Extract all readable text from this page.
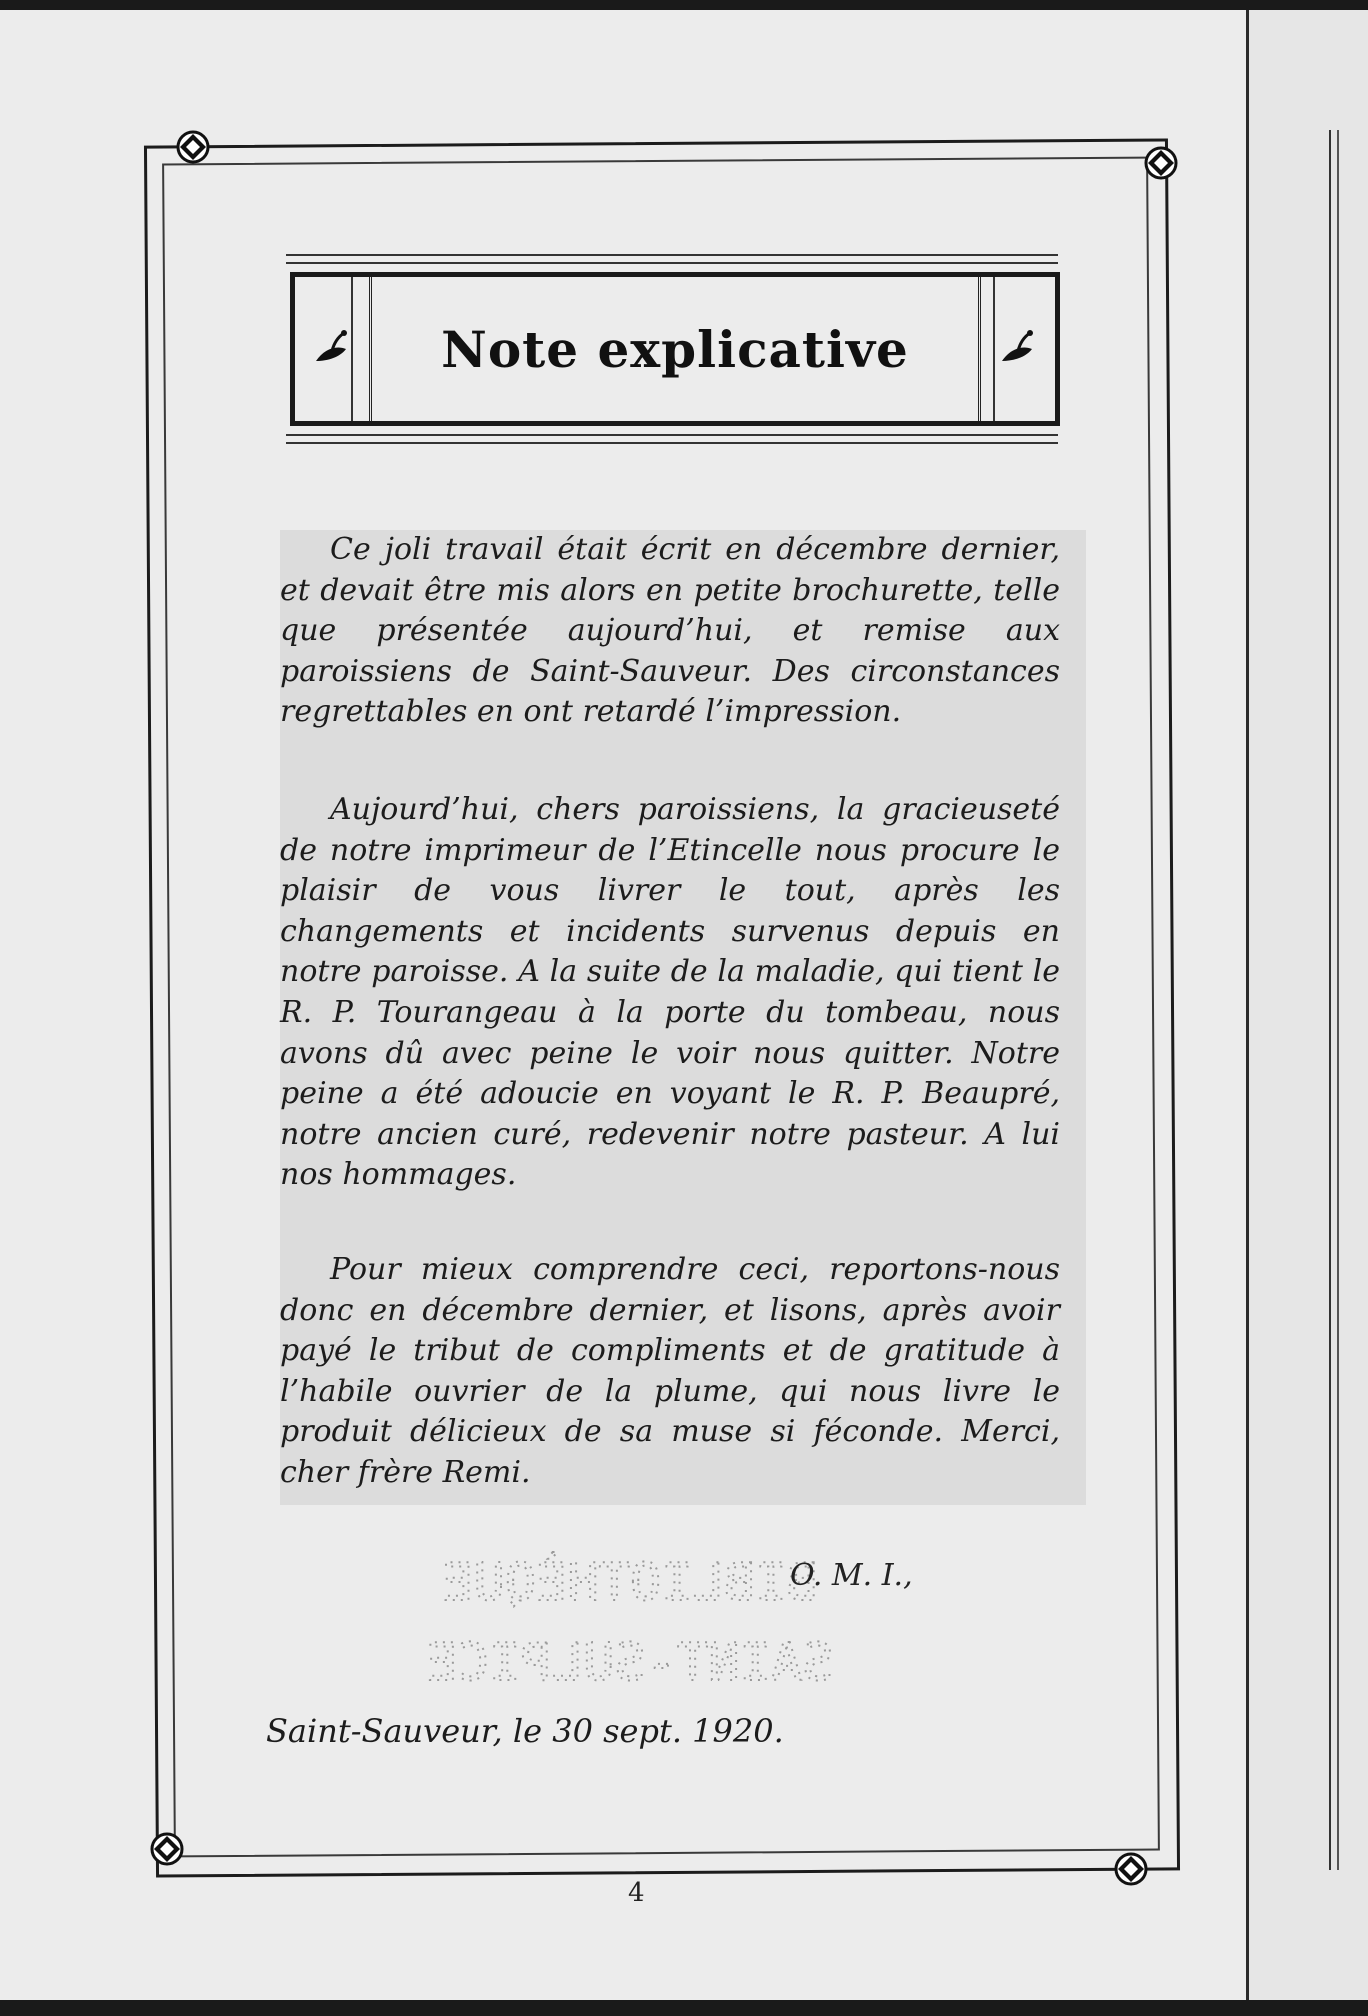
Note explicative

Ce joli travail était écrit en décembre dernier, et devait être mis alors en petite brochurette, telle que présentée aujourd’hui, et remise aux paroissiens de Saint-Sauveur. Des circonstances regrettables en ont retardé l’impression.

Aujourd’hui, chers paroissiens, la gracieuseté de notre imprimeur de l’Etincelle nous procure le plaisir de vous livrer le tout, après les changements et incidents survenus depuis en notre paroisse. A la suite de la maladie, qui tient le R. P. Tourangeau à la porte du tombeau, nous avons dû avec peine le voir nous quitter. Notre peine a été adoucie en voyant le R. P. Beaupré, notre ancien curé, redevenir notre pasteur. A lui nos hommages.

Pour mieux comprendre ceci, reportons-nous donc en décembre dernier, et lisons, après avoir payé le tribut de compliments et de gratitude à l’habile ouvrier de la plume, qui nous livre le produit délicieux de sa muse si féconde. Merci, cher frère Remi.

BIBLIOTHÈQUE
SAINT-SULPICE
O. M. I.,
Saint-Sauveur, le 30 sept. 1920.
4
